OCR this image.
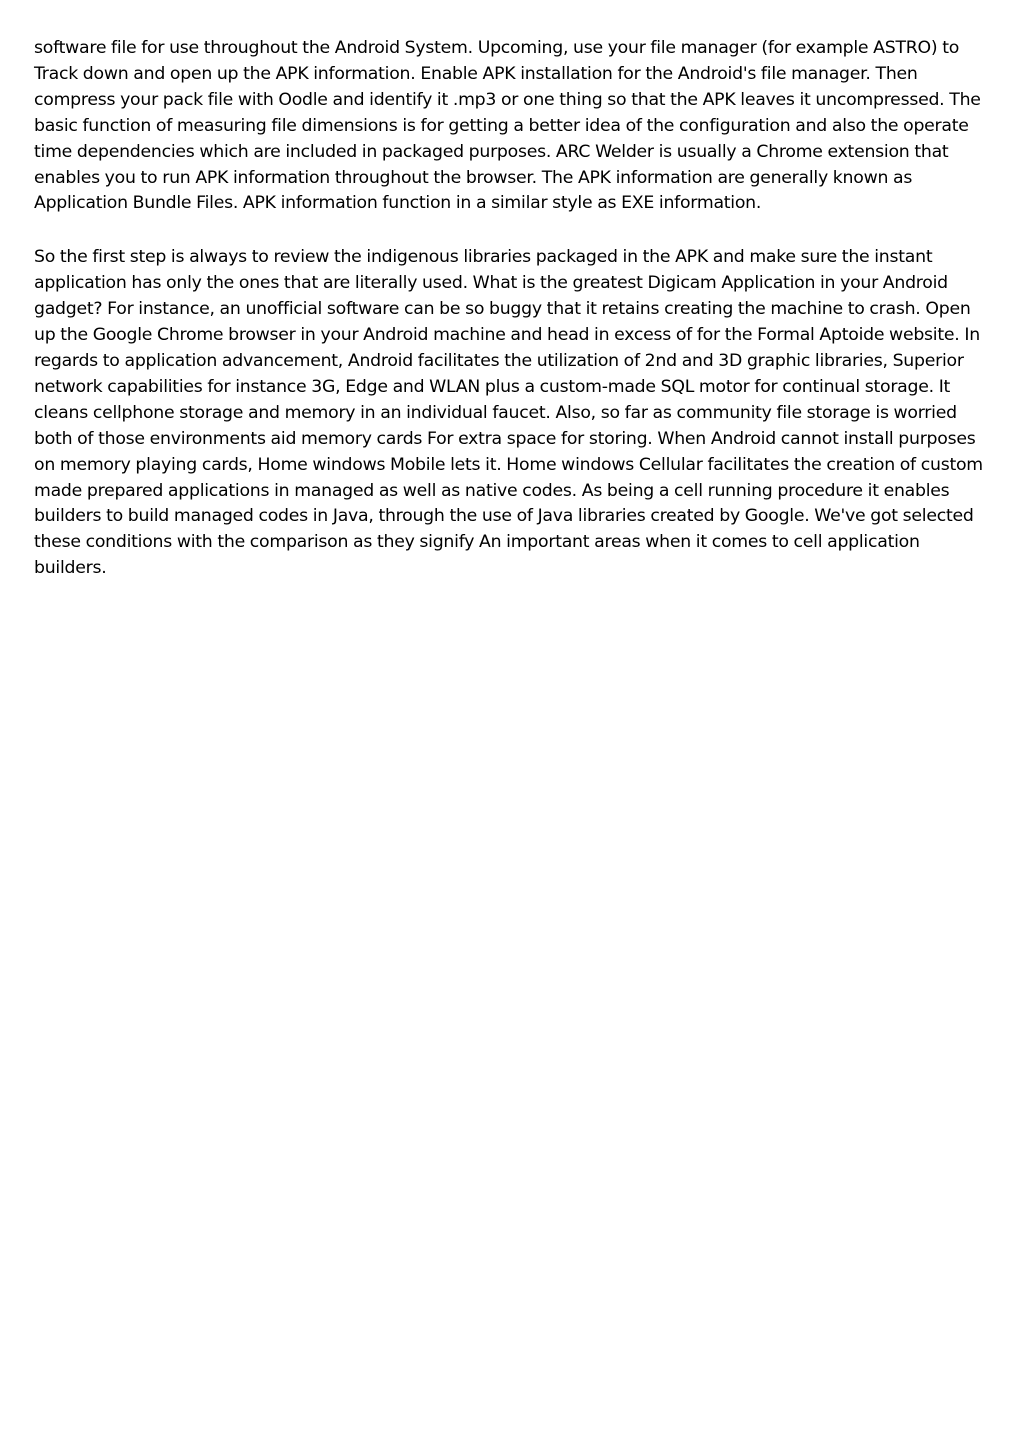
software file for use throughout the Android System. Upcoming, use your file manager (for example ASTRO) to Track down and open up the APK information. Enable APK installation for the Android's file manager. Then compress your pack file with Oodle and identify it .mp3 or one thing so that the APK leaves it uncompressed. The basic function of measuring file dimensions is for getting a better idea of the configuration and also the operate time dependencies which are included in packaged purposes. ARC Welder is usually a Chrome extension that enables you to run APK information throughout the browser. The APK information are generally known as Application Bundle Files. APK information function in a similar style as EXE information.

So the first step is always to review the indigenous libraries packaged in the APK and make sure the instant application has only the ones that are literally used. What is the greatest Digicam Application in your Android gadget? For instance, an unofficial software can be so buggy that it retains creating the machine to crash. Open up the Google Chrome browser in your Android machine and head in excess of for the Formal Aptoide website. In regards to application advancement, Android facilitates the utilization of 2nd and 3D graphic libraries, Superior network capabilities for instance 3G, Edge and WLAN plus a custom-made SQL motor for continual storage. It cleans cellphone storage and memory in an individual faucet. Also, so far as community file storage is worried both of those environments aid memory cards For extra space for storing. When Android cannot install purposes on memory playing cards, Home windows Mobile lets it. Home windows Cellular facilitates the creation of custom made prepared applications in managed as well as native codes. As being a cell running procedure it enables builders to build managed codes in Java, through the use of Java libraries created by Google. We've got selected these conditions with the comparison as they signify An important areas when it comes to cell application builders.
